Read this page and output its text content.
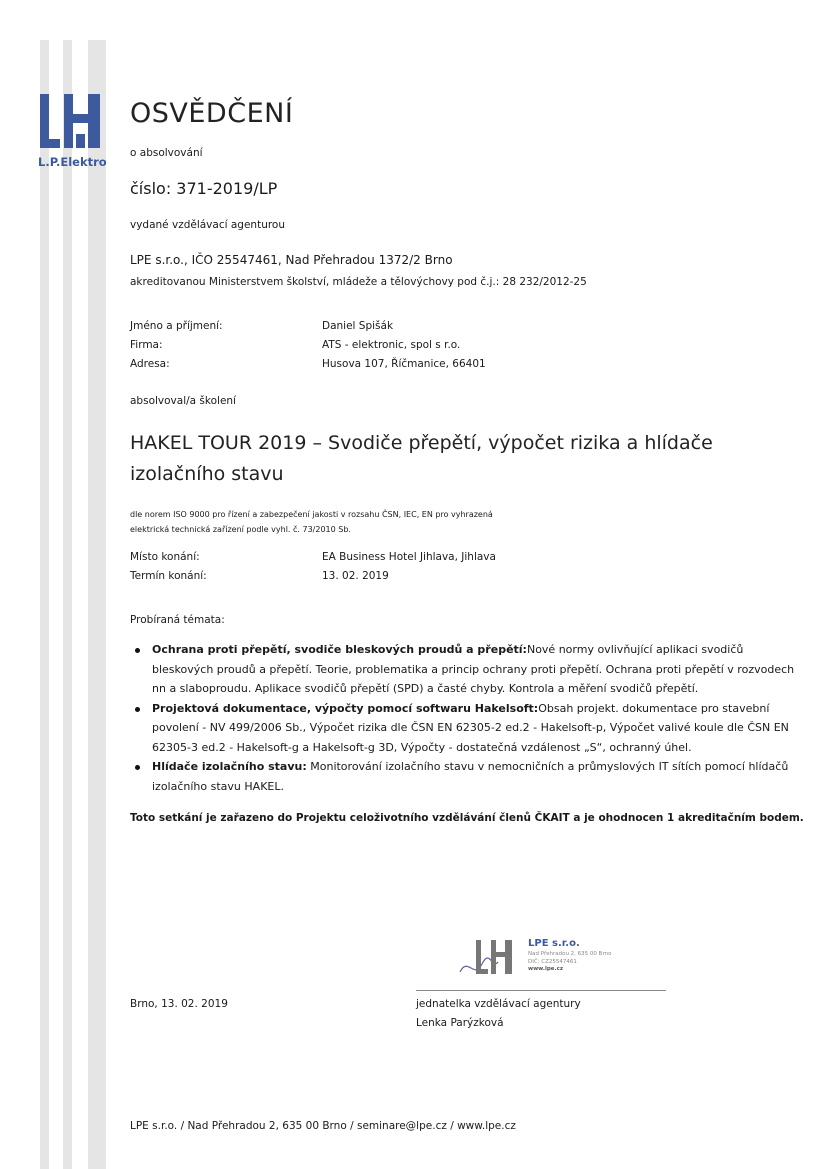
L.P.Elektro
OSVĚDČENÍ
o absolvování
číslo: 371-2019/LP
vydané vzdělávací agenturou
LPE s.r.o., IČO 25547461, Nad Přehradou 1372/2 Brno
akreditovanou Ministerstvem školství, mládeže a tělovýchovy pod č.j.: 28 232/2012-25
Jméno a příjmení:	Daniel Spišák
Firma:	ATS - elektronic, spol s r.o.
Adresa:	Husova 107, Říčmanice, 66401
absolvoval/a školení
HAKEL TOUR 2019 – Svodiče přepětí, výpočet rizika a hlídače izolačního stavu
dle norem ISO 9000 pro řízení a zabezpečení jakosti v rozsahu ČSN, IEC, EN pro vyhrazená
elektrická technická zařízení podle vyhl. č. 73/2010 Sb.
Místo konání:	EA Business Hotel Jihlava, Jihlava
Termín konání:	13. 02. 2019
Probíraná témata:
Ochrana proti přepětí, svodiče bleskových proudů a přepětí:Nové normy ovlivňující aplikaci svodičů bleskových proudů a přepětí. Teorie, problematika a princip ochrany proti přepětí. Ochrana proti přepětí v rozvodech nn a slaboproudu. Aplikace svodičů přepětí (SPD) a časté chyby. Kontrola a měření svodičů přepětí.
Projektová dokumentace, výpočty pomocí softwaru Hakelsoft:Obsah projekt. dokumentace pro stavební povolení - NV 499/2006 Sb., Výpočet rizika dle ČSN EN 62305-2 ed.2 - Hakelsoft-p, Výpočet valivé koule dle ČSN EN 62305-3 ed.2 - Hakelsoft-g a Hakelsoft-g 3D, Výpočty - dostatečná vzdálenost „S“, ochranný úhel.
Hlídače izolačního stavu: Monitorování izolačního stavu v nemocničních a průmyslových IT sítích pomocí hlídačů izolačního stavu HAKEL.
Toto setkání je zařazeno do Projektu celoživotního vzdělávání členů ČKAIT a je ohodnocen 1 akreditačním bodem.
LPE s.r.o.
Nad Přehradou 2, 635 00 Brno
DIČ: CZ25547461
www.lpe.cz
Brno, 13. 02. 2019	jednatelka vzdělávací agentury
Lenka Parýzková
LPE s.r.o. / Nad Přehradou 2, 635 00 Brno / seminare@lpe.cz / www.lpe.cz
